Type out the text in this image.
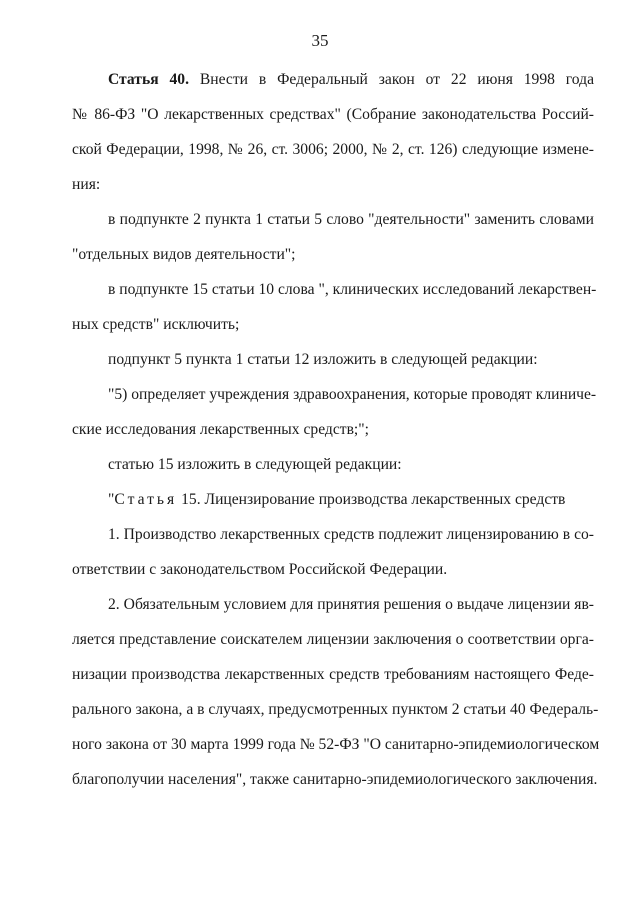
35
Статья 40. Внести в Федеральный закон от 22 июня 1998 года
№ 86-ФЗ "О лекарственных средствах" (Собрание законодательства Россий-
ской Федерации, 1998, № 26, ст. 3006; 2000, № 2, ст. 126) следующие измене-
ния:
в подпункте 2 пункта 1 статьи 5 слово "деятельности" заменить словами
"отдельных видов деятельности";
в подпункте 15 статьи 10 слова ", клинических исследований лекарствен-
ных средств" исключить;
подпункт 5 пункта 1 статьи 12 изложить в следующей редакции:
"5) определяет учреждения здравоохранения, которые проводят клиниче-
ские исследования лекарственных средств;";
статью 15 изложить в следующей редакции:
"Статья 15. Лицензирование производства лекарственных средств
1. Производство лекарственных средств подлежит лицензированию в со-
ответствии с законодательством Российской Федерации.
2. Обязательным условием для принятия решения о выдаче лицензии яв-
ляется представление соискателем лицензии заключения о соответствии орга-
низации производства лекарственных средств требованиям настоящего Феде-
рального закона, а в случаях, предусмотренных пунктом 2 статьи 40 Федераль-
ного закона от 30 марта 1999 года № 52-ФЗ "О санитарно-эпидемиологическом
благополучии населения", также санитарно-эпидемиологического заключения.
